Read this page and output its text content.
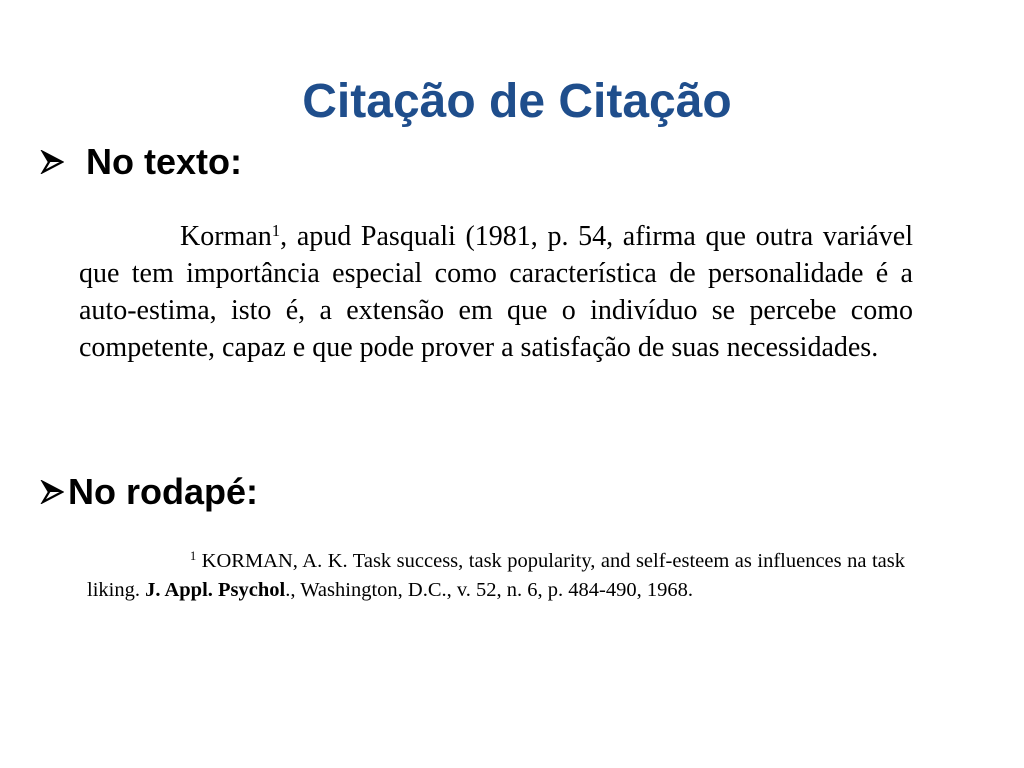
Citação de Citação
No texto:

Korman$^1$, apud Pasquali (1981, p. 54, afirma que outra variável que tem importância especial como característica de personalidade é a auto-estima, isto é, a extensão em que o indivíduo se percebe como competente, capaz e que pode prover a satisfação de suas necessidades.

No rodapé:

$^1$ KORMAN, A. K. Task success, task popularity, and self-esteem as influences na task liking. J. Appl. Psychol., Washington, D.C., v. 52, n. 6, p. 484-490, 1968.
